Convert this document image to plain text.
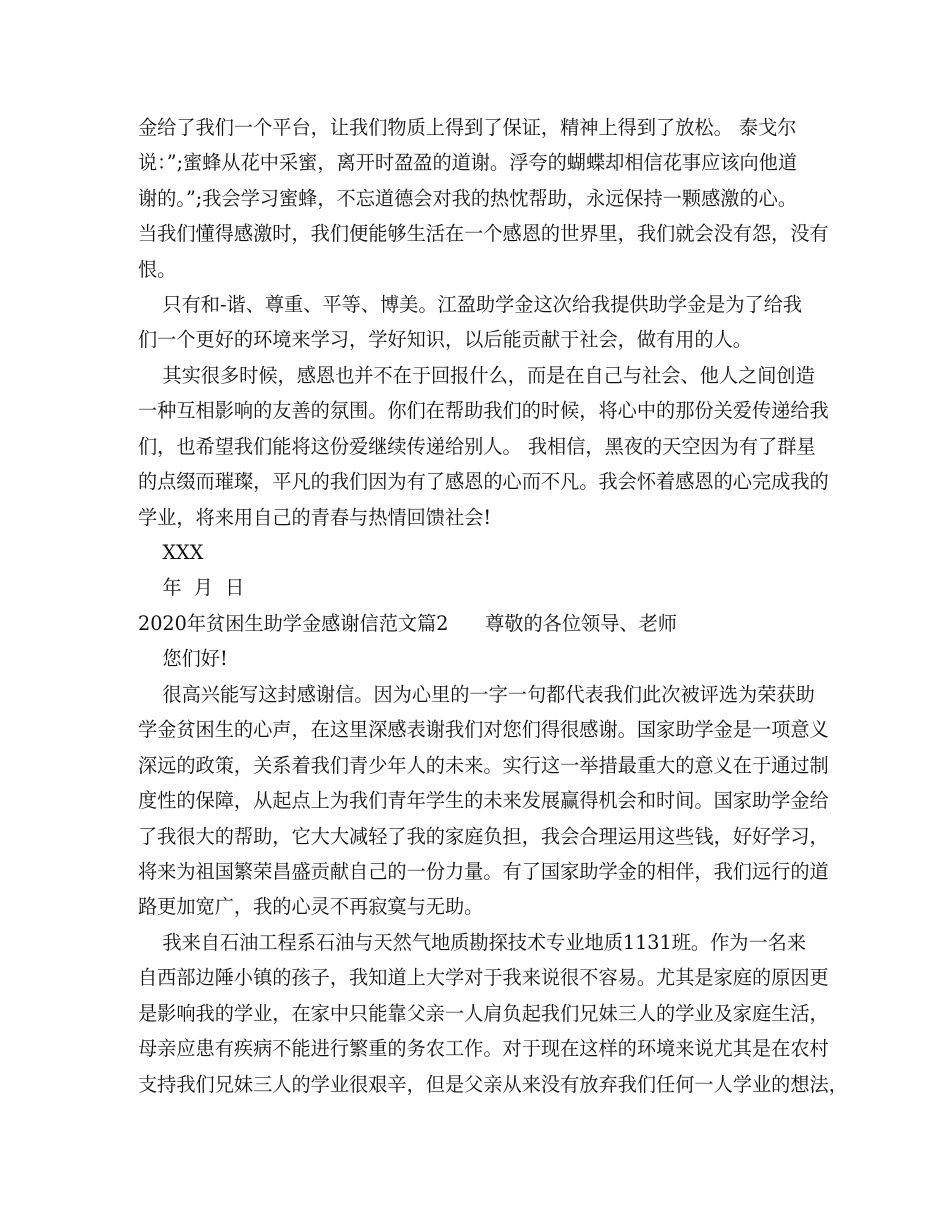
金给了我们一个平台，让我们物质上得到了保证，精神上得到了放松。 泰戈尔
说：”;蜜蜂从花中采蜜，离开时盈盈的道谢。浮夸的蝴蝶却相信花事应该向他道
谢的。”;我会学习蜜蜂，不忘道德会对我的热忱帮助，永远保持一颗感激的心。
当我们懂得感激时，我们便能够生活在一个感恩的世界里，我们就会没有怨，没有
恨。
只有和-谐、尊重、平等、博美。江盈助学金这次给我提供助学金是为了给我
们一个更好的环境来学习，学好知识，以后能贡献于社会，做有用的人。
其实很多时候，感恩也并不在于回报什么，而是在自己与社会、他人之间创造
一种互相影响的友善的氛围。你们在帮助我们的时候，将心中的那份关爱传递给我
们，也希望我们能将这份爱继续传递给别人。 我相信，黑夜的天空因为有了群星
的点缀而璀璨，平凡的我们因为有了感恩的心而不凡。我会怀着感恩的心完成我的
学业，将来用自己的青春与热情回馈社会!
XXX
年  月  日
2020年贫困生助学金感谢信范文篇2      尊敬的各位领导、老师
您们好!
很高兴能写这封感谢信。因为心里的一字一句都代表我们此次被评选为荣获助
学金贫困生的心声，在这里深感表谢我们对您们得很感谢。国家助学金是一项意义
深远的政策，关系着我们青少年人的未来。实行这一举措最重大的意义在于通过制
度性的保障，从起点上为我们青年学生的未来发展赢得机会和时间。国家助学金给
了我很大的帮助，它大大减轻了我的家庭负担，我会合理运用这些钱，好好学习，
将来为祖国繁荣昌盛贡献自己的一份力量。有了国家助学金的相伴，我们远行的道
路更加宽广，我的心灵不再寂寞与无助。
我来自石油工程系石油与天然气地质勘探技术专业地质1131班。作为一名来
自西部边陲小镇的孩子，我知道上大学对于我来说很不容易。尤其是家庭的原因更
是影响我的学业，在家中只能靠父亲一人肩负起我们兄妹三人的学业及家庭生活，
母亲应患有疾病不能进行繁重的务农工作。对于现在这样的环境来说尤其是在农村
支持我们兄妹三人的学业很艰辛，但是父亲从来没有放弃我们任何一人学业的想法，
